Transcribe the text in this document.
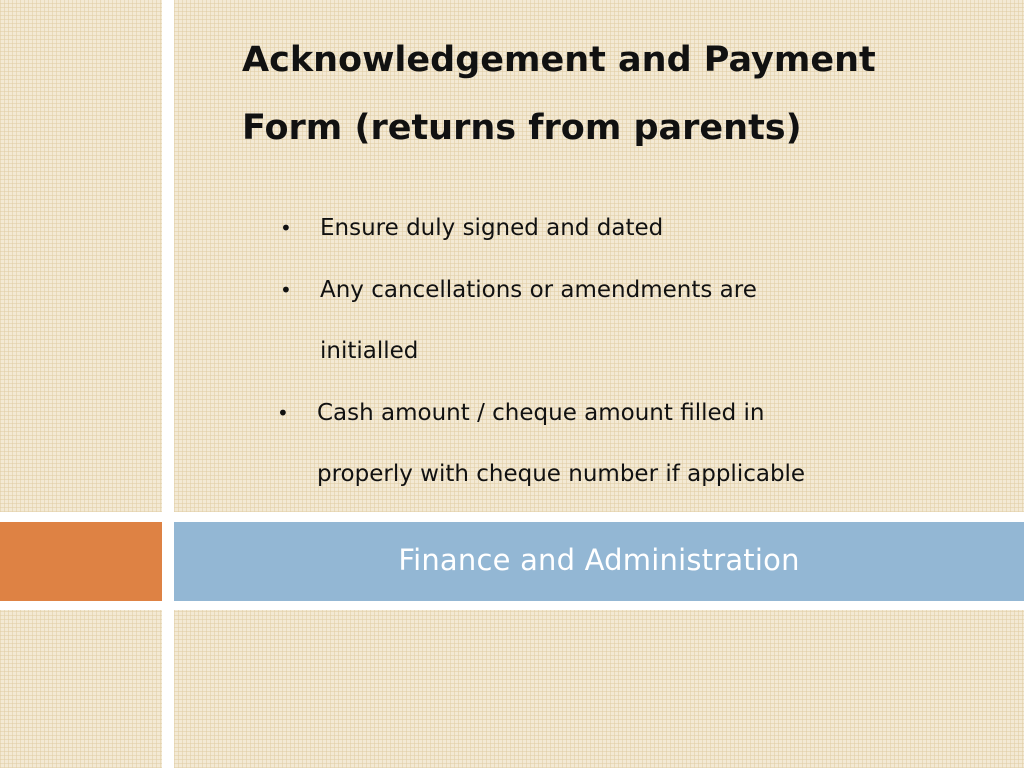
Acknowledgement and Payment
Form (returns from parents)
• Ensure duly signed and dated
• Any cancellations or amendments are
initialled
• Cash amount / cheque amount filled in
properly with cheque number if applicable
Finance and Administration
